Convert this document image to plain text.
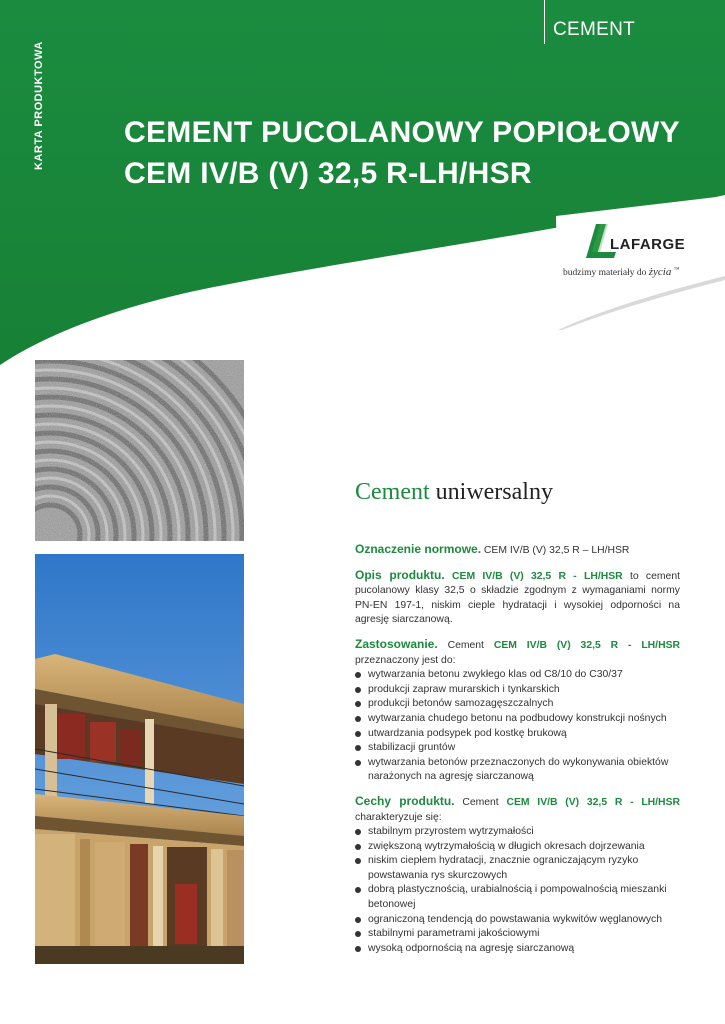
KARTA PRODUKTOWA
CEMENT
CEMENT PUCOLANOWY POPIOŁOWY
CEM IV/B (V) 32,5 R-LH/HSR
LAFARGE
budzimy materiały do życia ™
Cement uniwersalny

Oznaczenie normowe. CEM IV/B (V) 32,5 R – LH/HSR

Opis produktu. CEM IV/B (V) 32,5 R - LH/HSR to cement pucolanowy klasy 32,5 o składzie zgodnym z wymaganiami normy PN-EN 197-1, niskim cieple hydratacji i wysokiej odporności na agresję siarczanową.

Zastosowanie. Cement CEM IV/B (V) 32,5 R - LH/HSR przeznaczony jest do:

wytwarzania betonu zwykłego klas od C8/10 do C30/37
produkcji zapraw murarskich i tynkarskich
produkcji betonów samozagęszczalnych
wytwarzania chudego betonu na podbudowy konstrukcji nośnych
utwardzania podsypek pod kostkę brukową
stabilizacji gruntów
wytwarzania betonów przeznaczonych do wykonywania obiektów narażonych na agresję siarczanową

Cechy produktu. Cement CEM IV/B (V) 32,5 R - LH/HSR charakteryzuje się:

stabilnym przyrostem wytrzymałości
zwiększoną wytrzymałością w długich okresach dojrzewania
niskim ciepłem hydratacji, znacznie ograniczającym ryzyko powstawania rys skurczowych
dobrą plastycznością, urabialnością i pompowalnością mieszanki betonowej
ograniczoną tendencją do powstawania wykwitów węglanowych
stabilnymi parametrami jakościowymi
wysoką odpornością na agresję siarczanową
